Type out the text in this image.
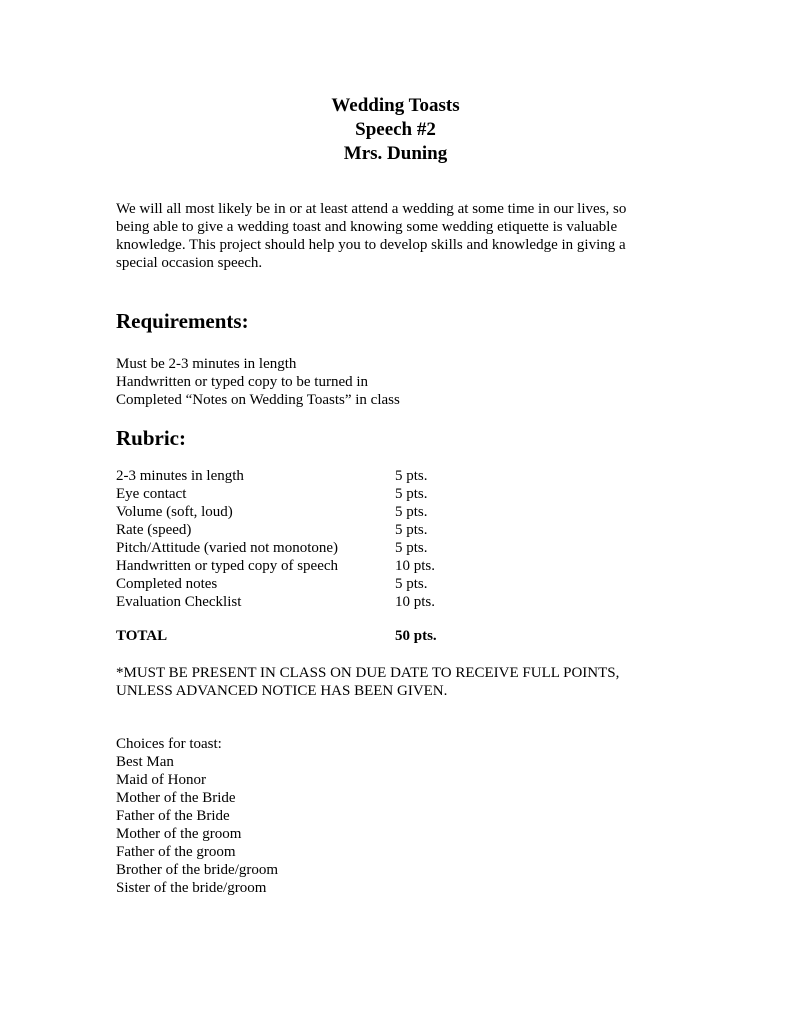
Wedding Toasts
Speech #2
Mrs. Duning

We will all most likely be in or at least attend a wedding at some time in our lives, so being able to give a wedding toast and knowing some wedding etiquette is valuable knowledge. This project should help you to develop skills and knowledge in giving a special occasion speech.

Requirements:
Must be 2-3 minutes in length
Handwritten or typed copy to be turned in
Completed “Notes on Wedding Toasts” in class
Rubric:
2-3 minutes in length	5 pts.
Eye contact	5 pts.
Volume (soft, loud)	5 pts.
Rate (speed)	5 pts.
Pitch/Attitude (varied not monotone)	5 pts.
Handwritten or typed copy of speech	10 pts.
Completed notes	5 pts.
Evaluation Checklist	10 pts.
TOTAL	50 pts.

*MUST BE PRESENT IN CLASS ON DUE DATE TO RECEIVE FULL POINTS, UNLESS ADVANCED NOTICE HAS BEEN GIVEN.

Choices for toast:

Best Man
Maid of Honor
Mother of the Bride
Father of the Bride
Mother of the groom
Father of the groom
Brother of the bride/groom
Sister of the bride/groom
